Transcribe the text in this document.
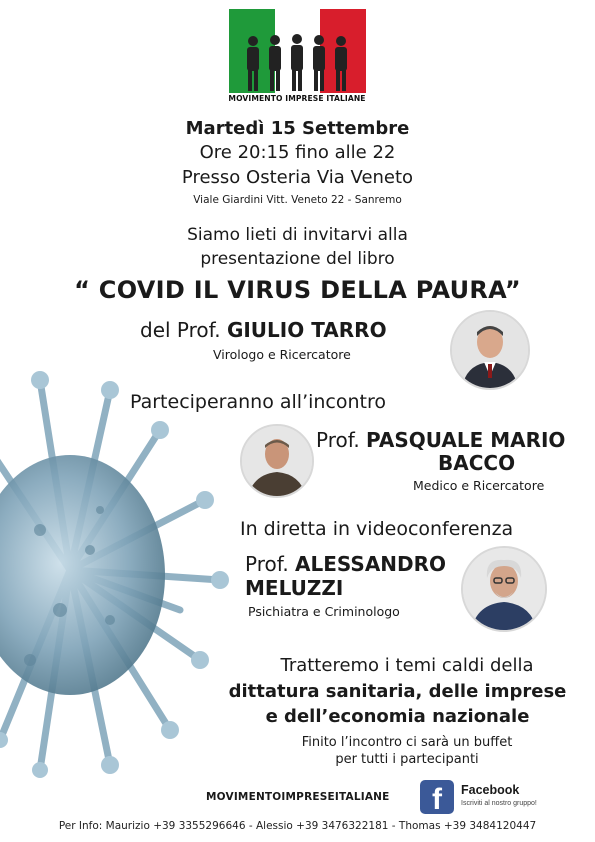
MOVIMENTO IMPRESE ITALIANE
Martedì 15 Settembre
Ore 20:15 fino alle 22
Presso Osteria Via Veneto
Viale Giardini Vitt. Veneto 22 - Sanremo
Siamo lieti di invitarvi alla
presentazione del libro
“ COVID IL VIRUS DELLA PAURA”
del Prof. GIULIO TARRO
Virologo e Ricercatore
Parteciperanno all’incontro
Prof. PASQUALE MARIO
BACCO
Medico e Ricercatore
In diretta in videoconferenza
Prof. ALESSANDRO
MELUZZI
Psichiatra e Criminologo
Tratteremo i temi caldi della
dittatura sanitaria, delle imprese
e dell’economia nazionale
Finito l’incontro ci sarà un buffet
per tutti i partecipanti
MOVIMENTOIMPRESEITALIANE	f	Facebook
Iscriviti al nostro gruppo!
Per Info: Maurizio +39 3355296646 - Alessio +39 3476322181 - Thomas +39 3484120447
